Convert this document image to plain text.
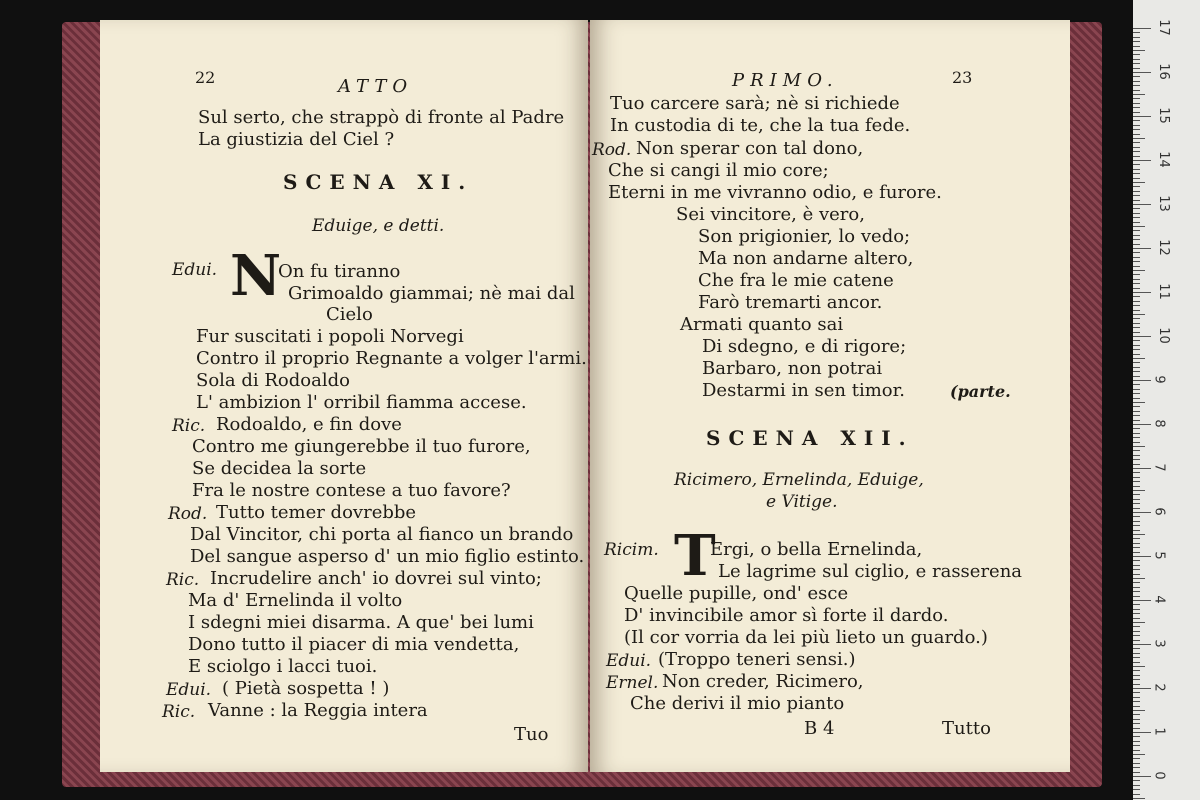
22	ATTO
Sul serto, che strappò di fronte al Padre
La giustizia del Ciel ?
SCENA XI.
Eduige, e detti.
Edui. N
On fu tiranno
Grimoaldo giammai; nè mai dal
Cielo
Fur suscitati i popoli Norvegi
Contro il proprio Regnante a volger l'armi.
Sola di Rodoaldo
L' ambizion l' orribil fiamma accese.
Ric. Rodoaldo, e fin dove
Contro me giungerebbe il tuo furore,
Se decidea la sorte
Fra le nostre contese a tuo favore?
Rod. Tutto temer dovrebbe
Dal Vincitor, chi porta al fianco un brando
Del sangue asperso d' un mio figlio estinto.
Ric. Incrudelire anch' io dovrei sul vinto;
Ma d' Ernelinda il volto
I sdegni miei disarma. A que' bei lumi
Dono tutto il piacer di mia vendetta,
E sciolgo i lacci tuoi.
Edui. ( Pietà sospetta ! )
Ric. Vanne : la Reggia intera
Tuo
PRIMO.	23
Tuo carcere sarà; nè si richiede
In custodia di te, che la tua fede.
Rod. Non sperar con tal dono,
Che si cangi il mio core;
Eterni in me vivranno odio, e furore.
Sei vincitore, è vero,
Son prigionier, lo vedo;
Ma non andarne altero,
Che fra le mie catene
Farò tremarti ancor.
Armati quanto sai
Di sdegno, e di rigore;
Barbaro, non potrai
Destarmi in sen timor.	(parte.
SCENA XII.
Ricimero, Ernelinda, Eduige,
e Vitige.
Ricim. T
Ergi, o bella Ernelinda,
Le lagrime sul ciglio, e rasserena
Quelle pupille, ond' esce
D' invincibile amor sì forte il dardo.
(Il cor vorria da lei più lieto un guardo.)
Edui. (Troppo teneri sensi.)
Ernel. Non creder, Ricimero,
Che derivi il mio pianto
B 4	Tutto
17
16
15
14
13
12
11
10
9
8
7
6
5
4
3
2
1
0
